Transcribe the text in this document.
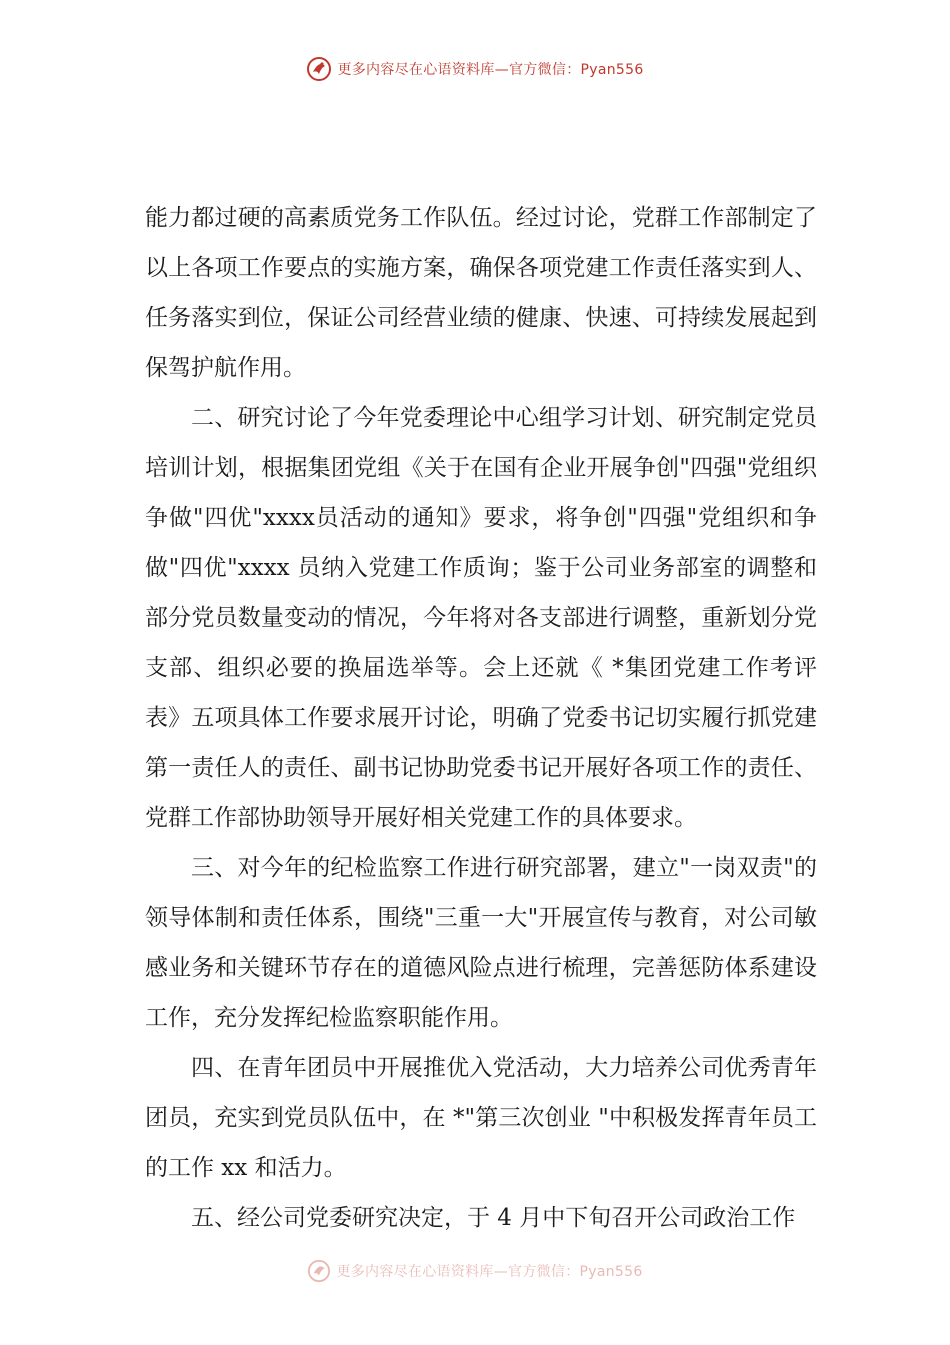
更多内容尽在心语资料库—官方微信：Pyan556

能力都过硬的高素质党务工作队伍。经过讨论，党群工作部制定了以上各项工作要点的实施方案，确保各项党建工作责任落实到人、任务落实到位，保证公司经营业绩的健康、快速、可持续发展起到保驾护航作用。

二、研究讨论了今年党委理论中心组学习计划、研究制定党员培训计划，根据集团党组《关于在国有企业开展争创"四强"党组织争做"四优"xxxx员活动的通知》要求，将争创"四强"党组织和争做"四优"xxxx 员纳入党建工作质询；鉴于公司业务部室的调整和部分党员数量变动的情况，今年将对各支部进行调整，重新划分党支部、组织必要的换届选举等。会上还就《 *集团党建工作考评表》五项具体工作要求展开讨论，明确了党委书记切实履行抓党建第一责任人的责任、副书记协助党委书记开展好各项工作的责任、党群工作部协助领导开展好相关党建工作的具体要求。

三、对今年的纪检监察工作进行研究部署，建立"一岗双责"的领导体制和责任体系，围绕"三重一大"开展宣传与教育，对公司敏感业务和关键环节存在的道德风险点进行梳理，完善惩防体系建设工作，充分发挥纪检监察职能作用。

四、在青年团员中开展推优入党活动，大力培养公司优秀青年团员，充实到党员队伍中，在 *"第三次创业 "中积极发挥青年员工的工作 xx 和活力。

五、经公司党委研究决定，于 4 月中下旬召开公司政治工作

更多内容尽在心语资料库—官方微信：Pyan556
